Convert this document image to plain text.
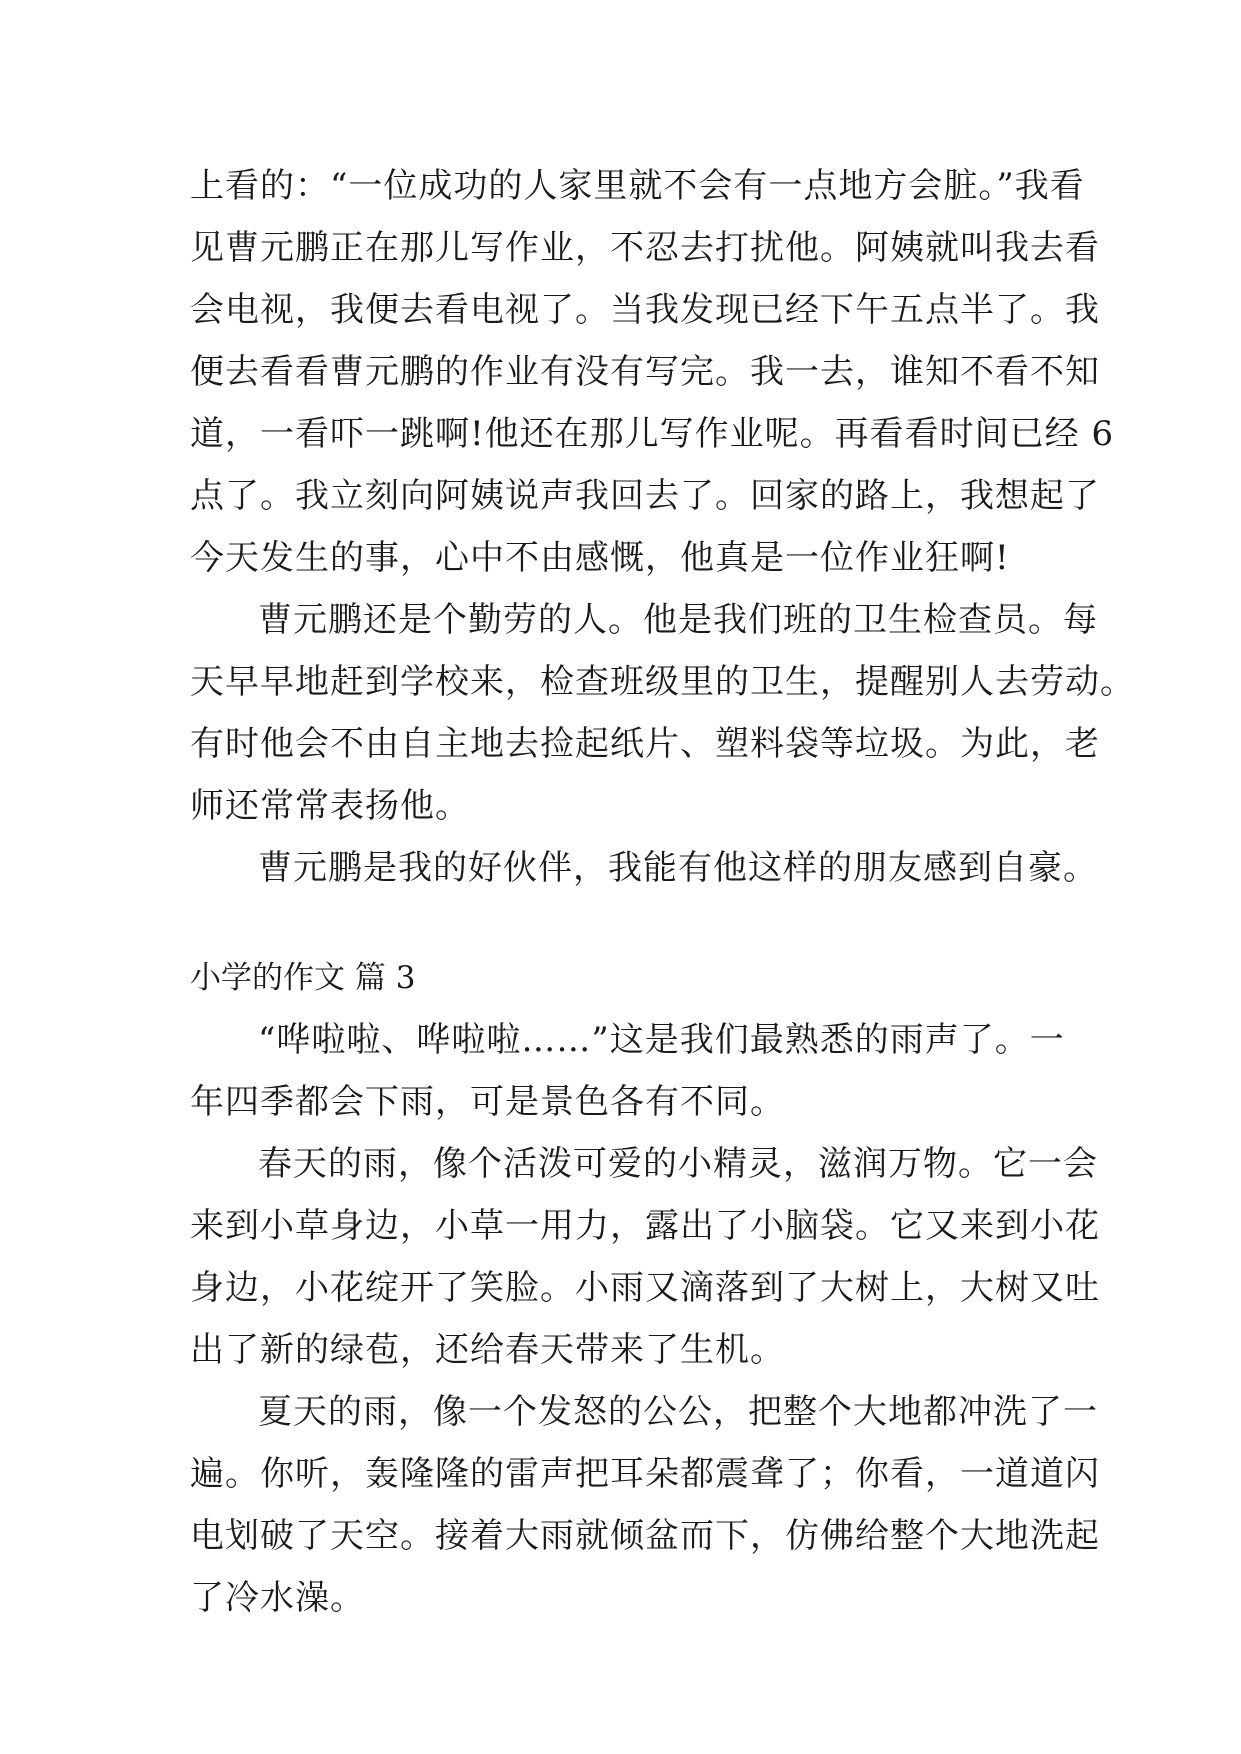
上看的：“一位成功的人家里就不会有一点地方会脏。”我看

见曹元鹏正在那儿写作业，不忍去打扰他。阿姨就叫我去看

会电视，我便去看电视了。当我发现已经下午五点半了。我

便去看看曹元鹏的作业有没有写完。我一去，谁知不看不知

道，一看吓一跳啊!他还在那儿写作业呢。再看看时间已经 6

点了。我立刻向阿姨说声我回去了。回家的路上，我想起了

今天发生的事，心中不由感慨，他真是一位作业狂啊!

曹元鹏还是个勤劳的人。他是我们班的卫生检查员。每

天早早地赶到学校来，检查班级里的卫生，提醒别人去劳动。

有时他会不由自主地去捡起纸片、塑料袋等垃圾。为此，老

师还常常表扬他。

曹元鹏是我的好伙伴，我能有他这样的朋友感到自豪。

小学的作文 篇 3

“哗啦啦、哗啦啦……”这是我们最熟悉的雨声了。一

年四季都会下雨，可是景色各有不同。

春天的雨，像个活泼可爱的小精灵，滋润万物。它一会

来到小草身边，小草一用力，露出了小脑袋。它又来到小花

身边，小花绽开了笑脸。小雨又滴落到了大树上，大树又吐

出了新的绿苞，还给春天带来了生机。

夏天的雨，像一个发怒的公公，把整个大地都冲洗了一

遍。你听，轰隆隆的雷声把耳朵都震聋了；你看，一道道闪

电划破了天空。接着大雨就倾盆而下，仿佛给整个大地洗起

了冷水澡。
